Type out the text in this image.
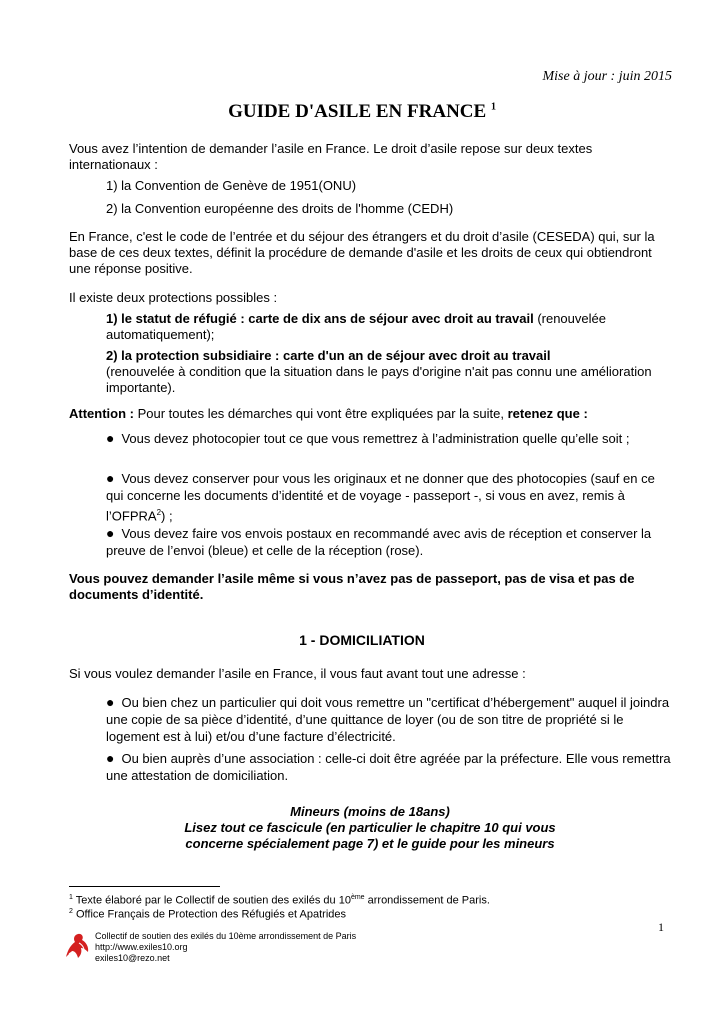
Mise à jour : juin 2015
GUIDE D'ASILE EN FRANCE $^1$
Vous avez l’intention de demander l’asile en France. Le droit d’asile repose sur deux textes internationaux :
1) la Convention de Genève de 1951(ONU)
2) la Convention européenne des droits de l'homme (CEDH)
En France, c'est le code de l’entrée et du séjour des étrangers et du droit d’asile (CESEDA) qui, sur la base de ces deux textes, définit la procédure de demande d'asile et les droits de ceux qui obtiendront une réponse positive.
Il existe deux protections possibles :
1) le statut de réfugié : carte de dix ans de séjour avec droit au travail (renouvelée automatiquement);
2) la protection subsidiaire : carte d'un an de séjour avec droit au travail
(renouvelée à condition que la situation dans le pays d'origine n'ait pas connu une amélioration importante).
Attention : Pour toutes les démarches qui vont être expliquées par la suite, retenez que :
● Vous devez photocopier tout ce que vous remettrez à l’administration quelle qu’elle soit ;
● Vous devez conserver pour vous les originaux et ne donner que des photocopies (sauf en ce qui concerne les documents d’identité et de voyage - passeport -, si vous en avez, remis à l’OFPRA$^2$) ;
● Vous devez faire vos envois postaux en recommandé avec avis de réception et conserver la preuve de l’envoi (bleue) et celle de la réception (rose).
Vous pouvez demander l’asile même si vous n’avez pas de passeport, pas de visa et pas de documents d’identité.
1 - DOMICILIATION
Si vous voulez demander l’asile en France, il vous faut avant tout une adresse :
● Ou bien chez un particulier qui doit vous remettre un "certificat d’hébergement" auquel il joindra une copie de sa pièce d’identité, d’une quittance de loyer (ou de son titre de propriété si le logement est à lui) et/ou d’une facture d’électricité.
● Ou bien auprès d’une association : celle-ci doit être agréée par la préfecture. Elle vous remettra une attestation de domiciliation.
Mineurs (moins de 18ans)
Lisez tout ce fascicule (en particulier le chapitre 10 qui vous
concerne spécialement page 7) et le guide pour les mineurs
$^1$ Texte élaboré par le Collectif de soutien des exilés du 10ème arrondissement de Paris.
$^2$ Office Français de Protection des Réfugiés et Apatrides
1
Collectif de soutien des exilés du 10ème arrondissement de Paris
http://www.exiles10.org
exiles10@rezo.net
